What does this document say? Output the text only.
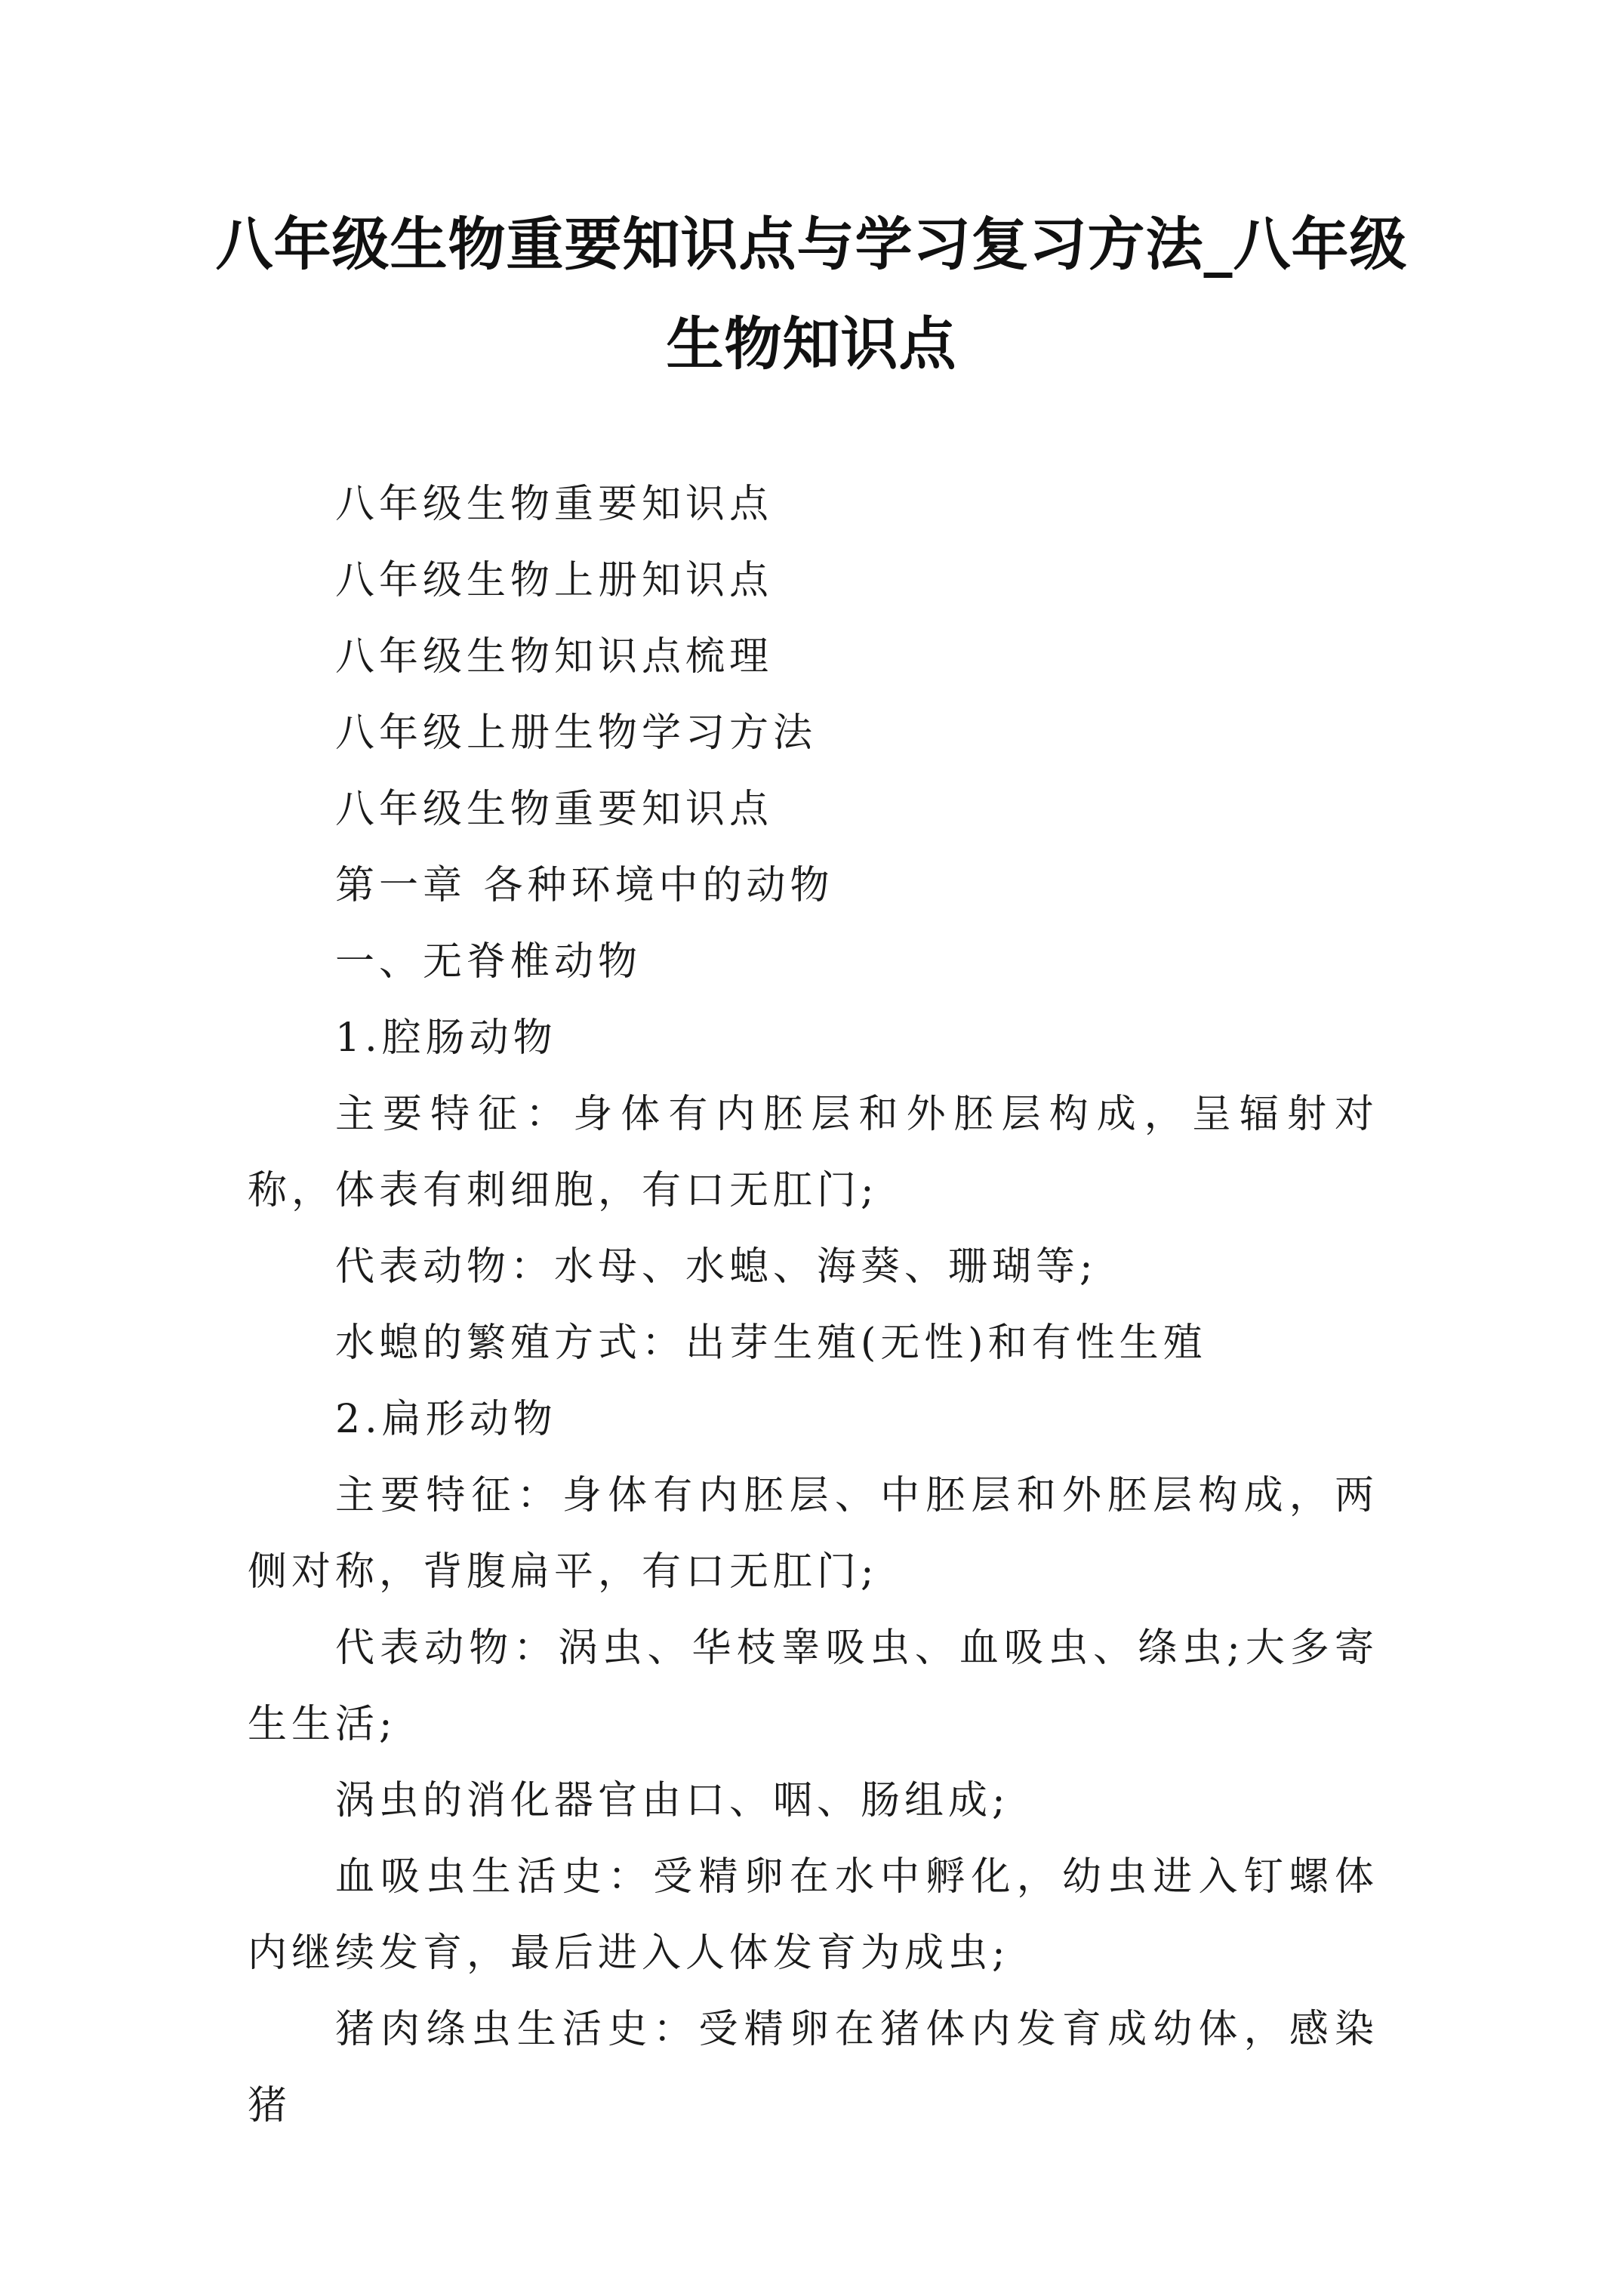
八年级生物重要知识点与学习复习方法_八年级生物知识点

八年级生物重要知识点

八年级生物上册知识点

八年级生物知识点梳理

八年级上册生物学习方法

八年级生物重要知识点

第一章 各种环境中的动物

一、无脊椎动物

1.腔肠动物

主要特征：身体有内胚层和外胚层构成，呈辐射对称，体表有刺细胞，有口无肛门;

代表动物：水母、水螅、海葵、珊瑚等;

水螅的繁殖方式：出芽生殖(无性)和有性生殖

2.扁形动物

主要特征：身体有内胚层、中胚层和外胚层构成，两侧对称，背腹扁平，有口无肛门;

代表动物：涡虫、华枝睾吸虫、血吸虫、绦虫;大多寄生生活;

涡虫的消化器官由口、咽、肠组成;

血吸虫生活史：受精卵在水中孵化，幼虫进入钉螺体内继续发育，最后进入人体发育为成虫;

猪肉绦虫生活史：受精卵在猪体内发育成幼体，感染猪
